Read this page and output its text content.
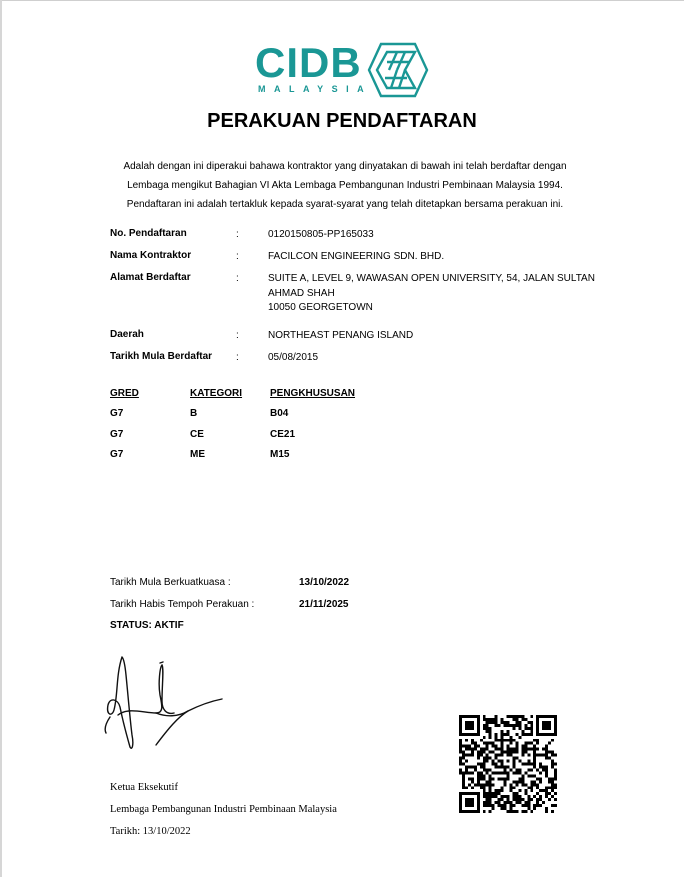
CIDB
MALAYSIA
PERAKUAN PENDAFTARAN
Adalah dengan ini diperakui bahawa kontraktor yang dinyatakan di bawah ini telah berdaftar dengan
Lembaga mengikut Bahagian VI Akta Lembaga Pembangunan Industri Pembinaan Malaysia 1994.
Pendaftaran ini adalah tertakluk kepada syarat-syarat yang telah ditetapkan bersama perakuan ini.
No. Pendaftaran	:	0120150805-PP165033
Nama Kontraktor	:	FACILCON ENGINEERING SDN. BHD.
Alamat Berdaftar	:	SUITE A, LEVEL 9, WAWASAN OPEN UNIVERSITY, 54, JALAN SULTAN
AHMAD SHAH
10050 GEORGETOWN
Daerah	:	NORTHEAST PENANG ISLAND
Tarikh Mula Berdaftar :	05/08/2015
GRED	KATEGORI	PENGKHUSUSAN
G7	B	B04
G7	CE	CE21
G7	ME	M15
Tarikh Mula Berkuatkuasa :	13/10/2022
Tarikh Habis Tempoh Perakuan :	21/11/2025
STATUS: AKTIF
Ketua Eksekutif
Lembaga Pembangunan Industri Pembinaan Malaysia
Tarikh: 13/10/2022
